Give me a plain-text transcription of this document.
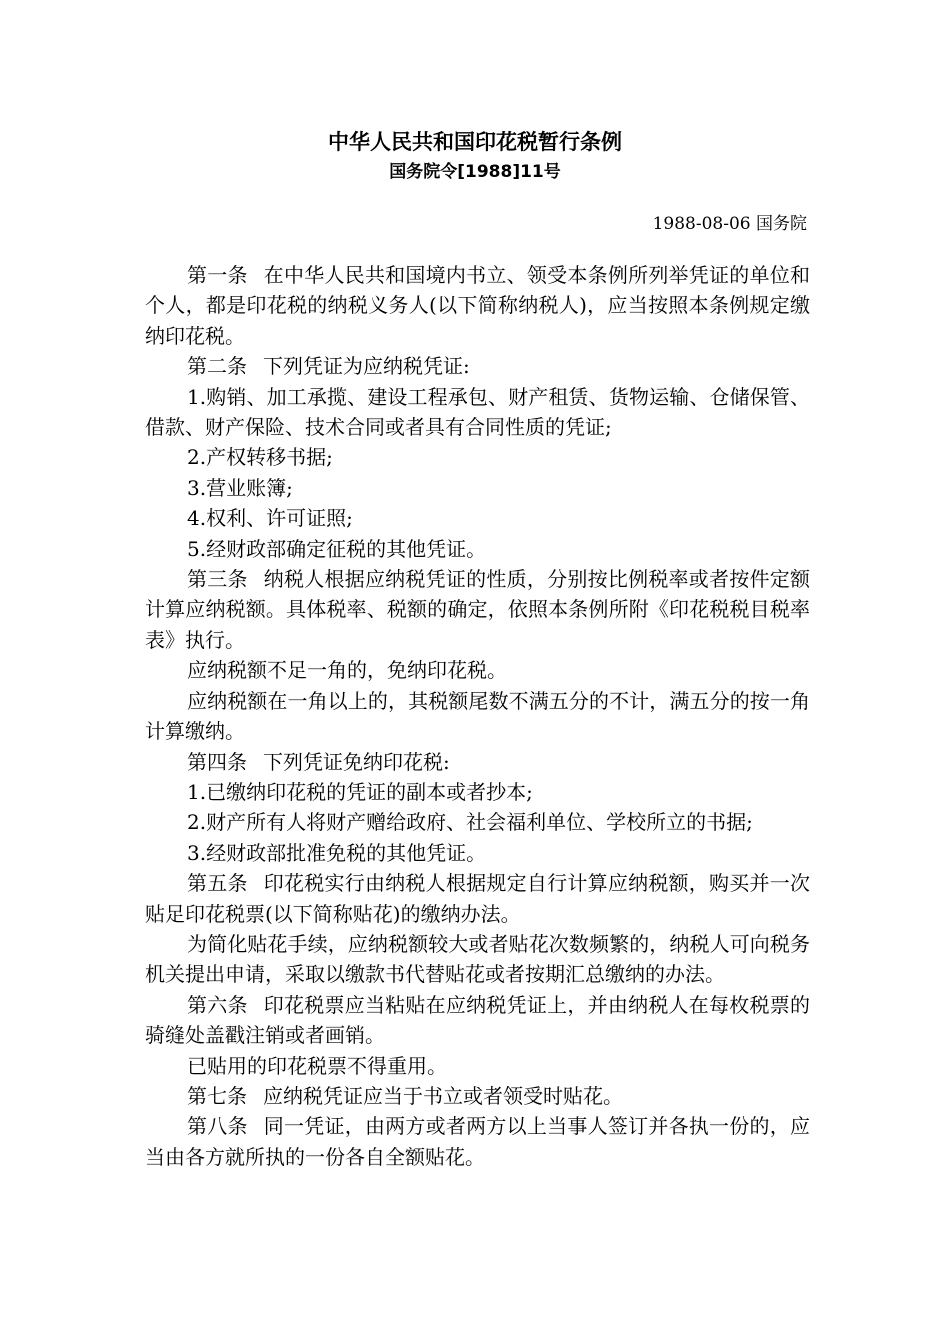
中华人民共和国印花税暂行条例
国务院令[1988]11号
1988-08-06 国务院

第一条 在中华人民共和国境内书立、领受本条例所列举凭证的单位和个人，都是印花税的纳税义务人(以下简称纳税人)，应当按照本条例规定缴纳印花税。

第二条 下列凭证为应纳税凭证:

1.购销、加工承揽、建设工程承包、财产租赁、货物运输、仓储保管、借款、财产保险、技术合同或者具有合同性质的凭证;

2.产权转移书据;

3.营业账簿;

4.权利、许可证照;

5.经财政部确定征税的其他凭证。

第三条 纳税人根据应纳税凭证的性质，分别按比例税率或者按件定额计算应纳税额。具体税率、税额的确定，依照本条例所附《印花税税目税率表》执行。

应纳税额不足一角的，免纳印花税。

应纳税额在一角以上的，其税额尾数不满五分的不计，满五分的按一角计算缴纳。

第四条 下列凭证免纳印花税:

1.已缴纳印花税的凭证的副本或者抄本;

2.财产所有人将财产赠给政府、社会福利单位、学校所立的书据;

3.经财政部批准免税的其他凭证。

第五条 印花税实行由纳税人根据规定自行计算应纳税额，购买并一次贴足印花税票(以下简称贴花)的缴纳办法。

为简化贴花手续，应纳税额较大或者贴花次数频繁的，纳税人可向税务机关提出申请，采取以缴款书代替贴花或者按期汇总缴纳的办法。

第六条 印花税票应当粘贴在应纳税凭证上，并由纳税人在每枚税票的骑缝处盖戳注销或者画销。

已贴用的印花税票不得重用。

第七条 应纳税凭证应当于书立或者领受时贴花。

第八条 同一凭证，由两方或者两方以上当事人签订并各执一份的，应当由各方就所执的一份各自全额贴花。
